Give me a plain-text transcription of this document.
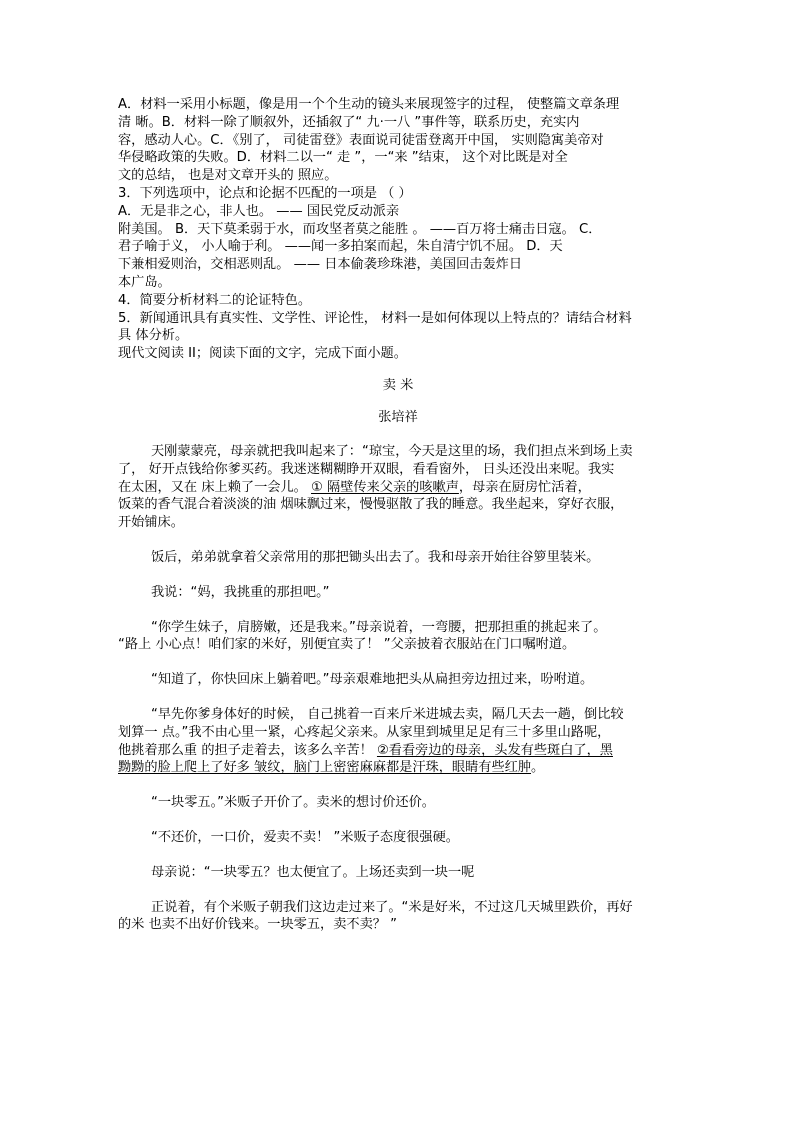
A．材料一采用小标题，像是用一个个生动的镜头来展现签字的过程， 使整篇文章条理
清 晰。B．材料一除了顺叙外，还插叙了“ 九·一八 ”事件等，联系历史，充实内
容，感动人心。C．《别了， 司徒雷登》表面说司徒雷登离开中国， 实则隐寓美帝对
华侵略政策的失败。D．材料二以一“ 走 ”，一“来 ”结束， 这个对比既是对全
文的总结， 也是对文章开头的 照应。
3．下列选项中，论点和论据不匹配的一项是 （ ）
A．无是非之心，非人也。 —— 国民党反动派亲
附美国。 B．天下莫柔弱于水，而攻坚者莫之能胜 。 ——百万将士痛击日寇。 C．
君子喻于义， 小人喻于利。 ——闻一多拍案而起，朱自清宁饥不屈。 D．天
下兼相爱则治，交相恶则乱。 —— 日本偷袭珍珠港，美国回击轰炸日
本广岛。
4．简要分析材料二的论证特色。
5．新闻通讯具有真实性、文学性、评论性， 材料一是如何体现以上特点的？请结合材料
具 体分析。
现代文阅读 II；阅读下面的文字，完成下面小题。
卖 米
张培祥
天刚蒙蒙亮，母亲就把我叫起来了：“琼宝，今天是这里的场，我们担点米到场上卖
了， 好开点钱给你爹买药。我迷迷糊糊睁开双眼，看看窗外， 日头还没出来呢。我实
在太困，又在 床上赖了一会儿。 ① 隔壁传来父亲的咳嗽声，母亲在厨房忙活着，
饭菜的香气混合着淡淡的油 烟味飘过来，慢慢驱散了我的睡意。我坐起来，穿好衣服，
开始铺床。
饭后，弟弟就拿着父亲常用的那把锄头出去了。我和母亲开始往谷箩里装米。
我说：“妈，我挑重的那担吧。”
“你学生妹子，肩膀嫩，还是我来。”母亲说着，一弯腰，把那担重的挑起来了。
“路上 小心点！咱们家的米好，别便宜卖了！ ”父亲披着衣服站在门口嘱咐道。
“知道了，你快回床上躺着吧。”母亲艰难地把头从扁担旁边扭过来，吩咐道。
“早先你爹身体好的时候， 自己挑着一百来斤米进城去卖，隔几天去一趟，倒比较
划算一 点。”我不由心里一紧，心疼起父亲来。从家里到城里足足有三十多里山路呢，
他挑着那么重 的担子走着去，该多么辛苦！ ②看看旁边的母亲，头发有些斑白了，黑
黝黝的脸上爬上了好多 皱纹，脑门上密密麻麻都是汗珠，眼睛有些红肿。
“一块零五。”米贩子开价了。卖米的想讨价还价。
“不还价，一口价，爱卖不卖！ ”米贩子态度很强硬。
母亲说：“一块零五？也太便宜了。上场还卖到一块一呢
正说着，有个米贩子朝我们这边走过来了。“米是好米，不过这几天城里跌价，再好
的米 也卖不出好价钱来。一块零五，卖不卖？ ”
